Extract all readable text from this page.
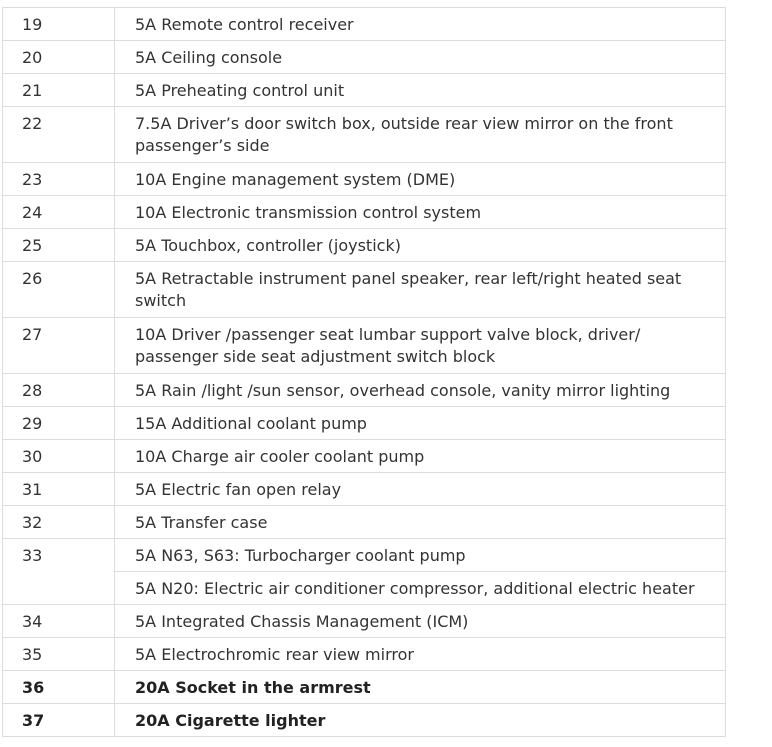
19	5A Remote control receiver
20	5A Ceiling console
21	5A Preheating control unit
22	7.5A Driver’s door switch box, outside rear view mirror on the front passenger’s side
23	10A Engine management system (DME)
24	10A Electronic transmission control system
25	5A Touchbox, controller (joystick)
26	5A Retractable instrument panel speaker, rear left/right heated seat switch
27	10A Driver /passenger seat lumbar support valve block, driver/ passenger side seat adjustment switch block
28	5A Rain /light /sun sensor, overhead console, vanity mirror lighting
29	15A Additional coolant pump
30	10A Charge air cooler coolant pump
31	5A Electric fan open relay
32	5A Transfer case
33	5A N63, S63: Turbocharger coolant pump
	5A N20: Electric air conditioner compressor, additional electric heater
34	5A Integrated Chassis Management (ICM)
35	5A Electrochromic rear view mirror
36	20A Socket in the armrest
37	20A Cigarette lighter
